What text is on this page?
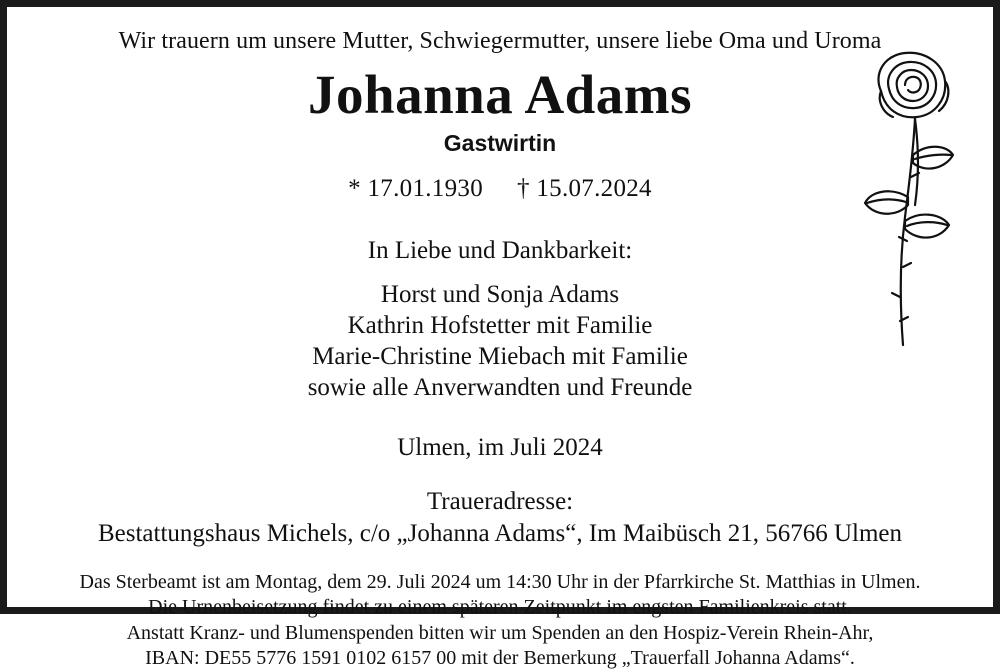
Wir trauern um unsere Mutter, Schwiegermutter, unsere liebe Oma und Uroma
Johanna Adams
Gastwirtin
* 17.01.1930 † 15.07.2024
In Liebe und Dankbarkeit:
Horst und Sonja Adams
Kathrin Hofstetter mit Familie
Marie-Christine Miebach mit Familie
sowie alle Anverwandten und Freunde
Ulmen, im Juli 2024
Traueradresse:
Bestattungshaus Michels, c/o „Johanna Adams“, Im Maibüsch 21, 56766 Ulmen
Das Sterbeamt ist am Montag, dem 29. Juli 2024 um 14:30 Uhr in der Pfarrkirche St. Matthias in Ulmen.
Die Urnenbeisetzung findet zu einem späteren Zeitpunkt im engsten Familienkreis statt.
Anstatt Kranz- und Blumenspenden bitten wir um Spenden an den Hospiz-Verein Rhein-Ahr,
IBAN: DE55 5776 1591 0102 6157 00 mit der Bemerkung „Trauerfall Johanna Adams“.
